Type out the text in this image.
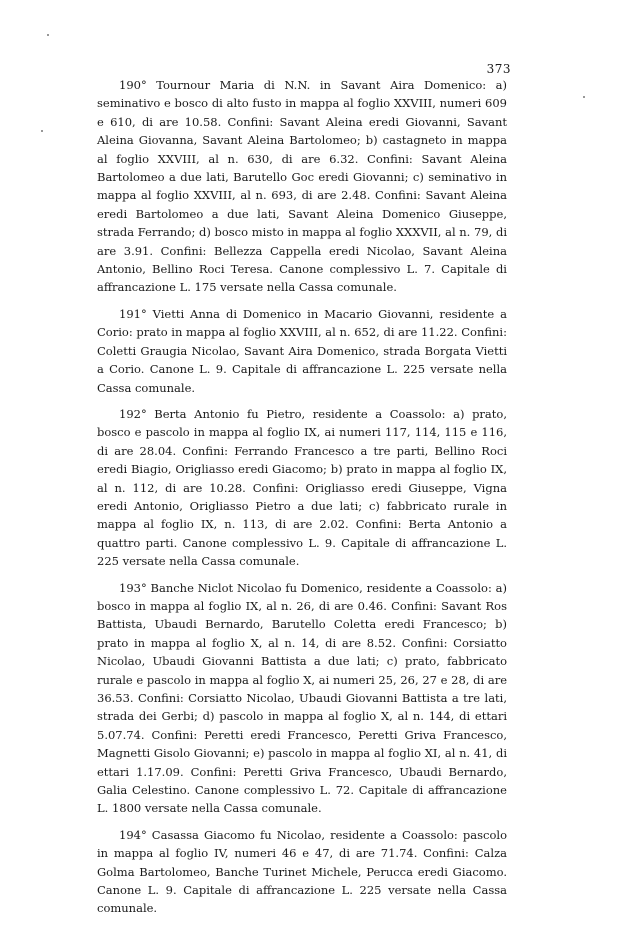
373

190° Tournour Maria di N.N. in Savant Aira Domenico: a) seminativo e bosco di alto fusto in mappa al foglio XXVIII, numeri 609 e 610, di are 10.58. Confini: Savant Aleina eredi Giovanni, Savant Aleina Giovanna, Savant Aleina Bartolomeo; b) castagneto in mappa al foglio XXVIII, al n. 630, di are 6.32. Confini: Savant Aleina Bartolomeo a due lati, Barutello Goc eredi Giovanni; c) seminativo in mappa al foglio XXVIII, al n. 693, di are 2.48. Confini: Savant Aleina eredi Bartolomeo a due lati, Savant Aleina Domenico Giuseppe, strada Ferrando; d) bosco misto in mappa al foglio XXXVII, al n. 79, di are 3.91. Confini: Bellezza Cappella eredi Nicolao, Savant Aleina Antonio, Bellino Roci Teresa. Canone complessivo L. 7. Capitale di affrancazione L. 175 versate nella Cassa comunale.

191° Vietti Anna di Domenico in Macario Giovanni, residente a Corio: prato in mappa al foglio XXVIII, al n. 652, di are 11.22. Confini: Coletti Graugia Nicolao, Savant Aira Domenico, strada Borgata Vietti a Corio. Canone L. 9. Capitale di affrancazione L. 225 versate nella Cassa comunale.

192° Berta Antonio fu Pietro, residente a Coassolo: a) prato, bosco e pascolo in mappa al foglio IX, ai numeri 117, 114, 115 e 116, di are 28.04. Confini: Ferrando Francesco a tre parti, Bellino Roci eredi Biagio, Origliasso eredi Giacomo; b) prato in mappa al foglio IX, al n. 112, di are 10.28. Confini: Origliasso eredi Giuseppe, Vigna eredi Antonio, Origliasso Pietro a due lati; c) fabbricato rurale in mappa al foglio IX, n. 113, di are 2.02. Confini: Berta Antonio a quattro parti. Canone complessivo L. 9. Capitale di affrancazione L. 225 versate nella Cassa comunale.

193° Banche Niclot Nicolao fu Domenico, residente a Coassolo: a) bosco in mappa al foglio IX, al n. 26, di are 0.46. Confini: Savant Ros Battista, Ubaudi Bernardo, Barutello Coletta eredi Francesco; b) prato in mappa al foglio X, al n. 14, di are 8.52. Confini: Corsiatto Nicolao, Ubaudi Giovanni Battista a due lati; c) prato, fabbricato rurale e pascolo in mappa al foglio X, ai numeri 25, 26, 27 e 28, di are 36.53. Confini: Corsiatto Nicolao, Ubaudi Giovanni Battista a tre lati, strada dei Gerbi; d) pascolo in mappa al foglio X, al n. 144, di ettari 5.07.74. Confini: Peretti eredi Francesco, Peretti Griva Francesco, Magnetti Gisolo Giovanni; e) pascolo in mappa al foglio XI, al n. 41, di ettari 1.17.09. Confini: Peretti Griva Francesco, Ubaudi Bernardo, Galia Celestino. Canone complessivo L. 72. Capitale di affrancazione L. 1800 versate nella Cassa comunale.

194° Casassa Giacomo fu Nicolao, residente a Coassolo: pascolo in mappa al foglio IV, numeri 46 e 47, di are 71.74. Confini: Calza Golma Bartolomeo, Banche Turinet Michele, Perucca eredi Giacomo. Canone L. 9. Capitale di affrancazione L. 225 versate nella Cassa comunale.
